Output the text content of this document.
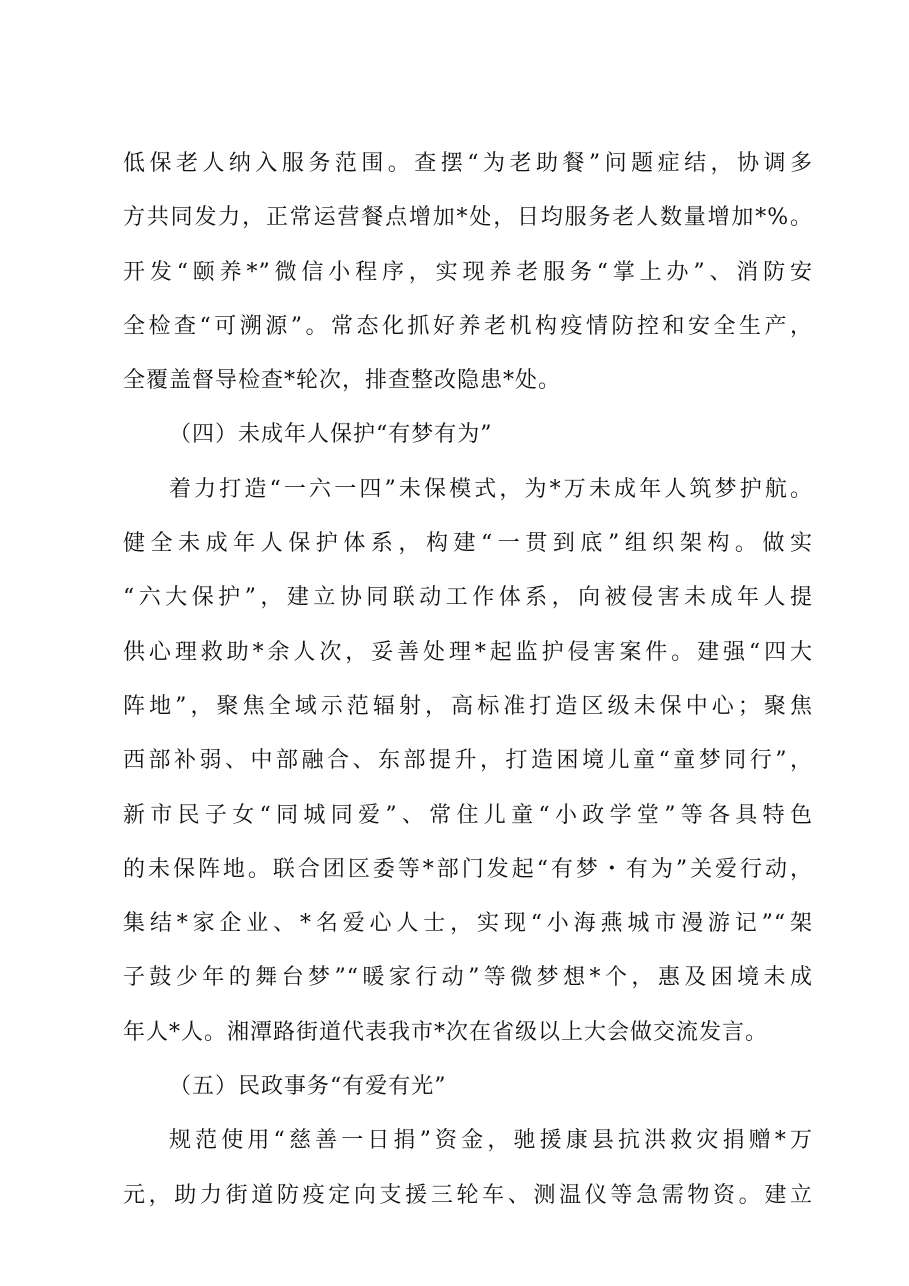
低保老人纳入服务范围。查摆“为老助餐”问题症结，协调多
方共同发力，正常运营餐点增加*处，日均服务老人数量增加*%。
开发“颐养*”微信小程序，实现养老服务“掌上办”、消防安
全检查“可溯源”。常态化抓好养老机构疫情防控和安全生产，
全覆盖督导检查*轮次，排查整改隐患*处。
（四）未成年人保护“有梦有为”
着力打造“一六一四”未保模式，为*万未成年人筑梦护航。
健全未成年人保护体系，构建“一贯到底”组织架构。做实
“六大保护”，建立协同联动工作体系，向被侵害未成年人提
供心理救助*余人次，妥善处理*起监护侵害案件。建强“四大
阵地”，聚焦全域示范辐射，高标准打造区级未保中心；聚焦
西部补弱、中部融合、东部提升，打造困境儿童“童梦同行”，
新市民子女“同城同爱”、常住儿童“小政学堂”等各具特色
的未保阵地。联合团区委等*部门发起“有梦・有为”关爱行动，
集结*家企业、*名爱心人士，实现“小海燕城市漫游记”“架
子鼓少年的舞台梦”“暖家行动”等微梦想*个，惠及困境未成
年人*人。湘潭路街道代表我市*次在省级以上大会做交流发言。
（五）民政事务“有爱有光”
规范使用“慈善一日捐”资金，驰援康县抗洪救灾捐赠*万
元，助力街道防疫定向支援三轮车、测温仪等急需物资。建立
